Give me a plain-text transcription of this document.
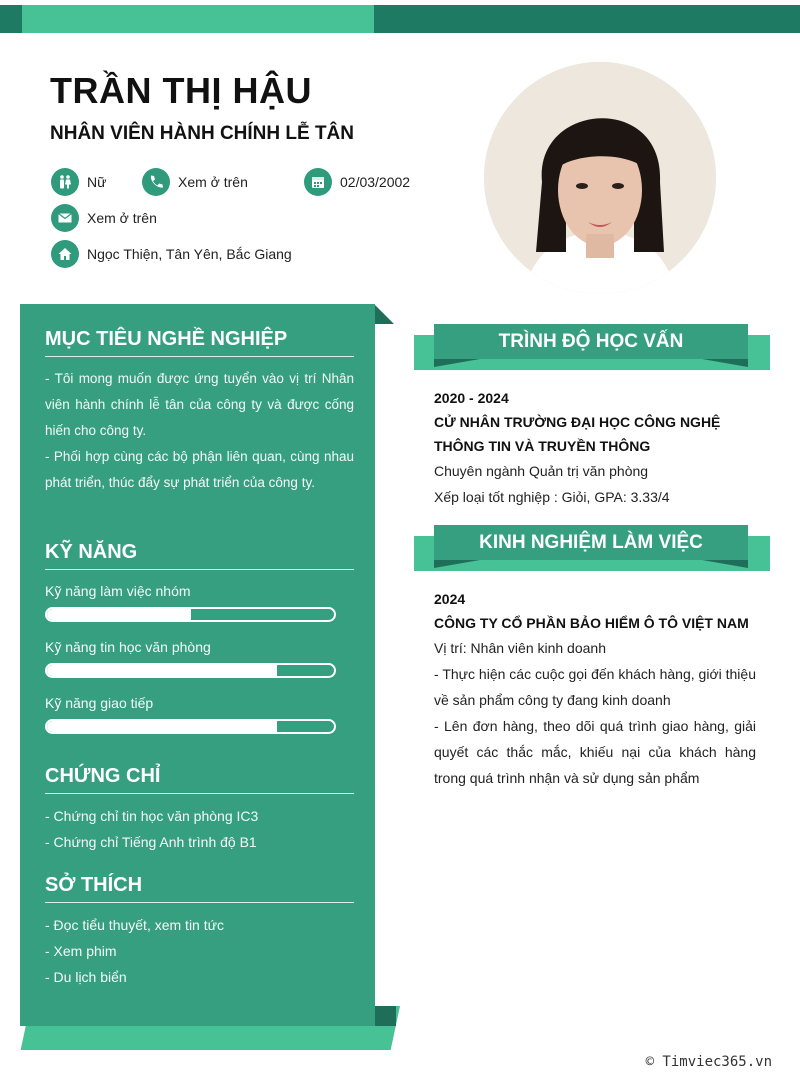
TRẦN THỊ HẬU
NHÂN VIÊN HÀNH CHÍNH LỄ TÂN
Nữ	Xem ở trên	02/03/2002
Xem ở trên
Ngọc Thiện, Tân Yên, Bắc Giang
MỤC TIÊU NGHỀ NGHIỆP
- Tôi mong muốn được ứng tuyển vào vị trí Nhân viên hành chính lễ tân của công ty và được cống hiến cho công ty.
- Phối hợp cùng các bộ phận liên quan, cùng nhau phát triển, thúc đẩy sự phát triển của công ty.
KỸ NĂNG
Kỹ năng làm việc nhóm
Kỹ năng tin học văn phòng
Kỹ năng giao tiếp
CHỨNG CHỈ
- Chứng chỉ tin học văn phòng IC3
- Chứng chỉ Tiếng Anh trình độ B1
SỞ THÍCH
- Đọc tiểu thuyết, xem tin tức
- Xem phim
- Du lịch biển
TRÌNH ĐỘ HỌC VẤN
2020 - 2024
CỬ NHÂN TRƯỜNG ĐẠI HỌC CÔNG NGHỆ THÔNG TIN VÀ TRUYỀN THÔNG
Chuyên ngành Quản trị văn phòng
Xếp loại tốt nghiệp : Giỏi, GPA: 3.33/4
KINH NGHIỆM LÀM VIỆC
2024
CÔNG TY CỔ PHẦN BẢO HIỂM Ô TÔ VIỆT NAM
Vị trí: Nhân viên kinh doanh
- Thực hiện các cuộc gọi đến khách hàng, giới thiệu về sản phẩm công ty đang kinh doanh
- Lên đơn hàng, theo dõi quá trình giao hàng, giải quyết các thắc mắc, khiếu nại của khách hàng trong quá trình nhận và sử dụng sản phẩm
© Timviec365.vn
